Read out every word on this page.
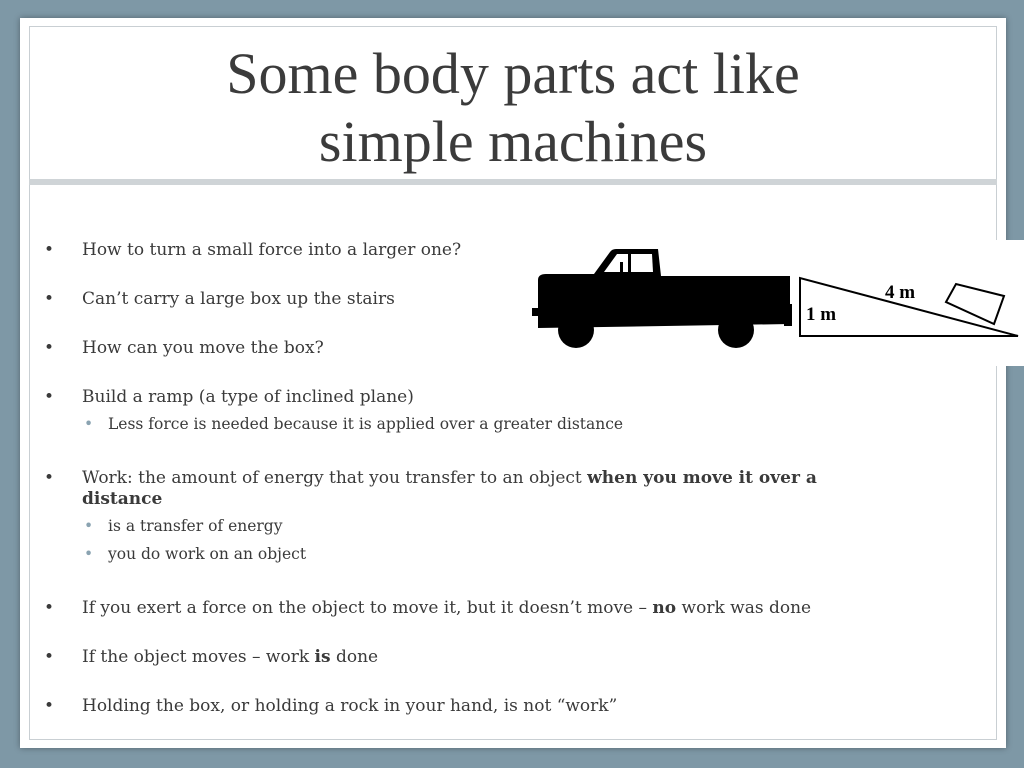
Some body parts act like
simple machines
• How to turn a small force into a larger one?
• Can’t carry a large box up the stairs
• How can you move the box?
• Build a ramp (a type of inclined plane)
• Less force is needed because it is applied over a greater distance
• Work: the amount of energy that you transfer to an object when you move it over a distance
• is a transfer of energy
• you do work on an object
• If you exert a force on the object to move it, but it doesn’t move – no work was done
• If the object moves – work is done
• Holding the box, or holding a rock in your hand, is not “work”
1 m
4 m
